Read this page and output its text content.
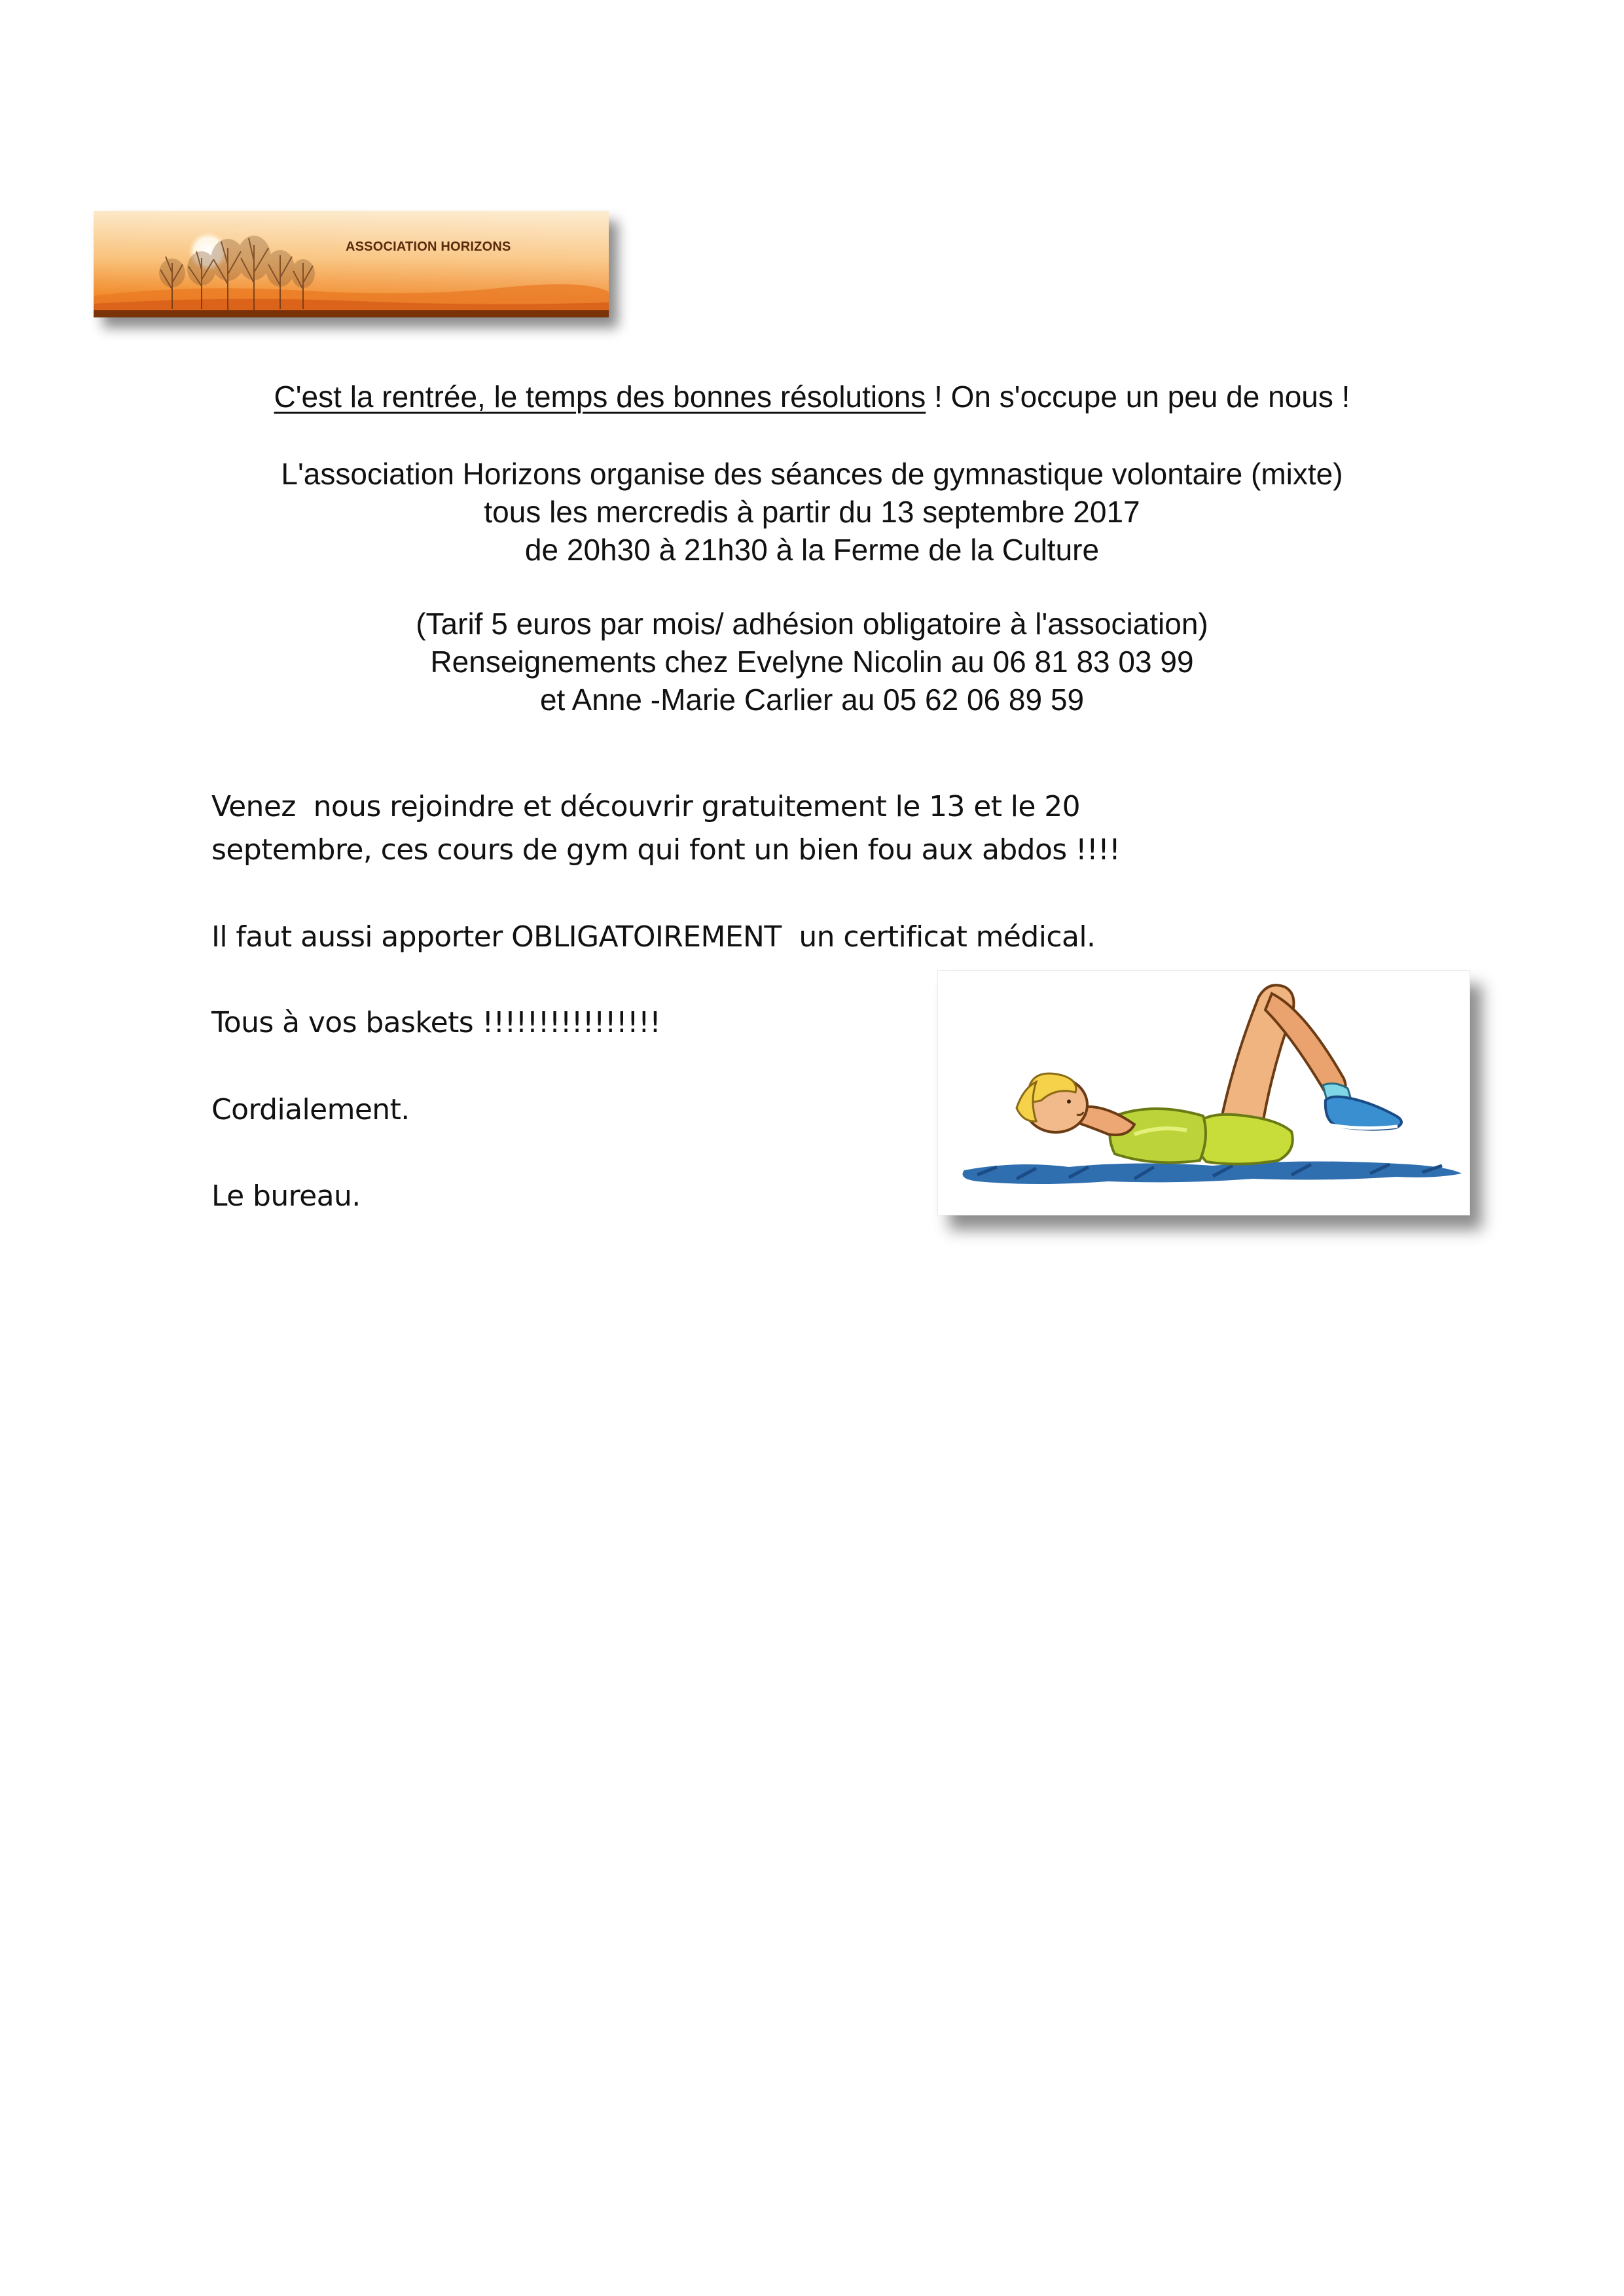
ASSOCIATION HORIZONS
C'est la rentrée, le temps des bonnes résolutions ! On s'occupe un peu de nous !
L'association Horizons organise des séances de gymnastique volontaire (mixte)
tous les mercredis à partir du 13 septembre 2017
de 20h30 à 21h30 à la Ferme de la Culture
(Tarif 5 euros par mois/ adhésion obligatoire à l'association)
Renseignements chez Evelyne Nicolin au 06 81 83 03 99
et Anne -Marie Carlier au 05 62 06 89 59
Venez  nous rejoindre et découvrir gratuitement le 13 et le 20
septembre, ces cours de gym qui font un bien fou aux abdos !!!!
Il faut aussi apporter OBLIGATOIREMENT  un certificat médical.
Tous à vos baskets !!!!!!!!!!!!!!!!
Cordialement.
Le bureau.
